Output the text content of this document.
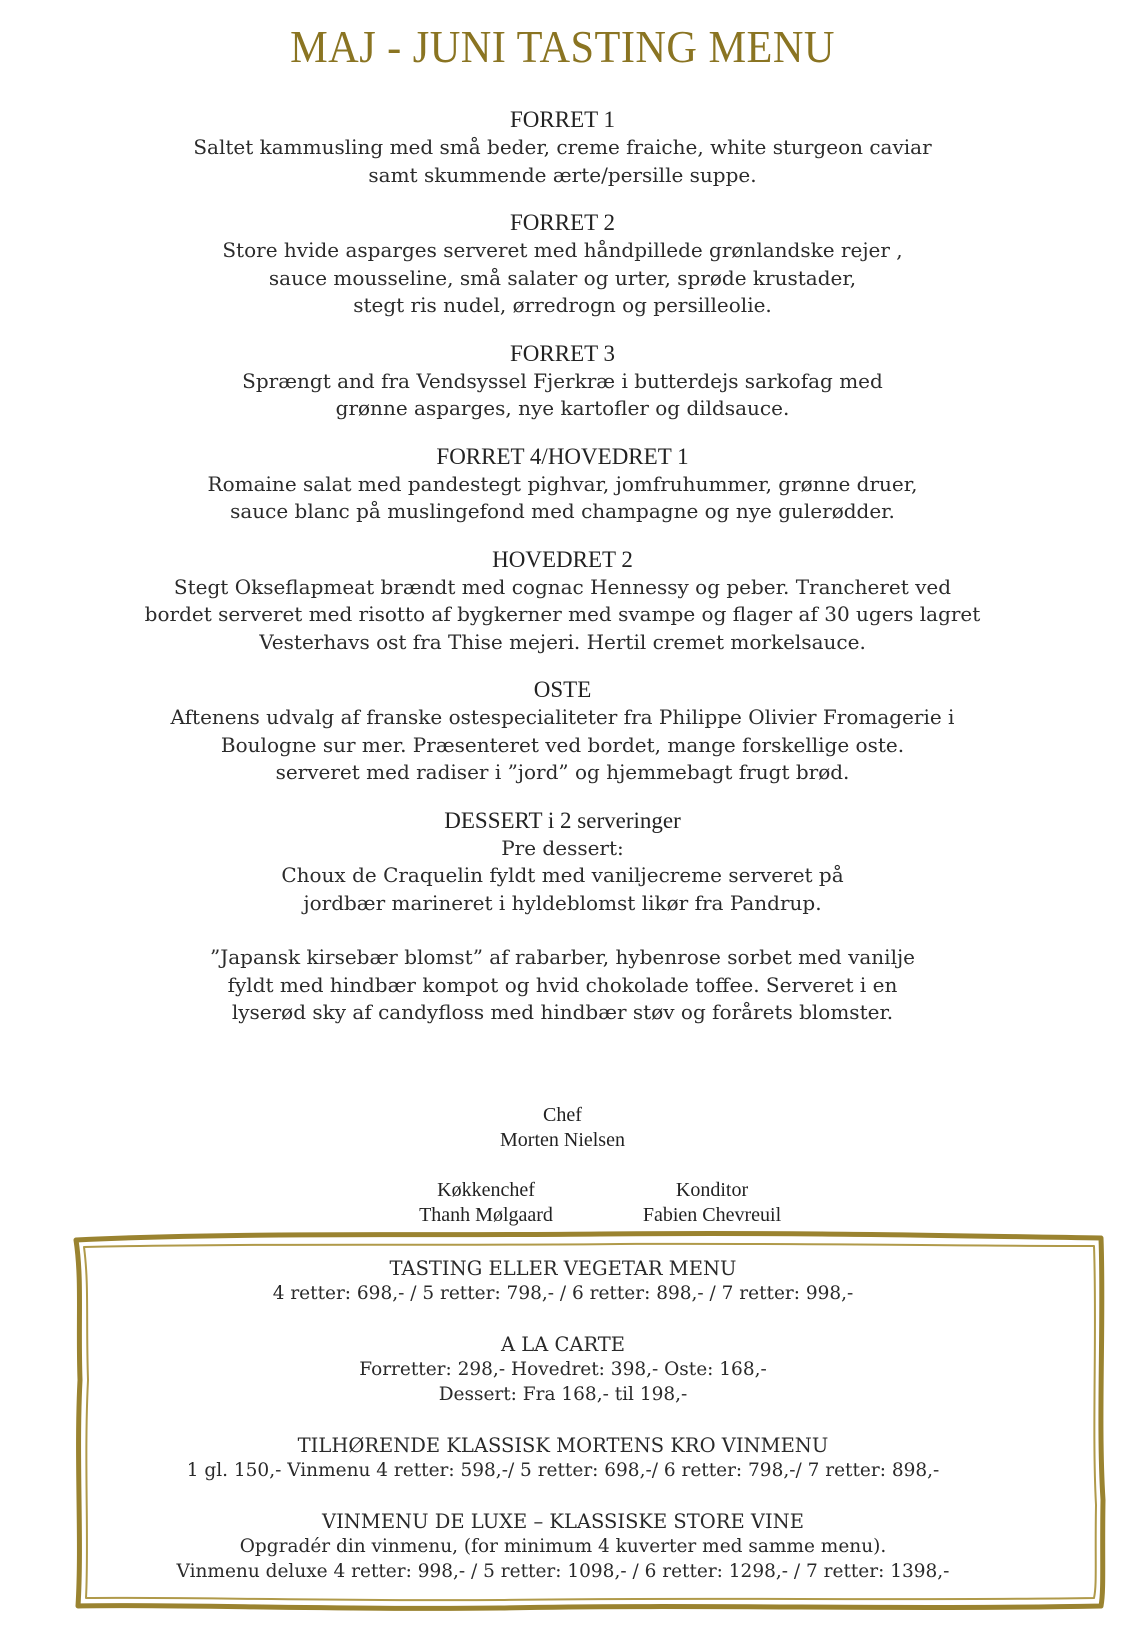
MAJ - JUNI TASTING MENU
FORRET 1
Saltet kammusling med små beder, creme fraiche, white sturgeon caviar
samt skummende ærte/persille suppe.
FORRET 2
Store hvide asparges serveret med håndpillede grønlandske rejer ,
sauce mousseline, små salater og urter, sprøde krustader,
stegt ris nudel, ørredrogn og persilleolie.
FORRET 3
Sprængt and fra Vendsyssel Fjerkræ i butterdejs sarkofag med
grønne asparges, nye kartofler og dildsauce.
FORRET 4/HOVEDRET 1
Romaine salat med pandestegt pighvar, jomfruhummer, grønne druer,
sauce blanc på muslingefond med champagne og nye gulerødder.
HOVEDRET 2
Stegt Okseflapmeat brændt med cognac Hennessy og peber. Trancheret ved
bordet serveret med risotto af bygkerner med svampe og flager af 30 ugers lagret
Vesterhavs ost fra Thise mejeri. Hertil cremet morkelsauce.
OSTE
Aftenens udvalg af franske ostespecialiteter fra Philippe Olivier Fromagerie i
Boulogne sur mer. Præsenteret ved bordet, mange forskellige oste.
serveret med radiser i ”jord” og hjemmebagt frugt brød.
DESSERT i 2 serveringer
Pre dessert:
Choux de Craquelin fyldt med vaniljecreme serveret på
jordbær marineret i hyldeblomst likør fra Pandrup.
”Japansk kirsebær blomst” af rabarber, hybenrose sorbet med vanilje
fyldt med hindbær kompot og hvid chokolade toffee. Serveret i en
lyserød sky af candyfloss med hindbær støv og forårets blomster.
Chef
Morten Nielsen
Køkkenchef
Thanh Mølgaard
Konditor
Fabien Chevreuil
TASTING ELLER VEGETAR MENU
4 retter: 698,- / 5 retter: 798,- / 6 retter: 898,- / 7 retter: 998,-
A LA CARTE
Forretter: 298,- Hovedret: 398,- Oste: 168,-
Dessert: Fra 168,- til 198,-
TILHØRENDE KLASSISK MORTENS KRO VINMENU
1 gl. 150,- Vinmenu 4 retter: 598,-/ 5 retter: 698,-/ 6 retter: 798,-/ 7 retter: 898,-
VINMENU DE LUXE – KLASSISKE STORE VINE
Opgradér din vinmenu, (for minimum 4 kuverter med samme menu).
Vinmenu deluxe 4 retter: 998,- / 5 retter: 1098,- / 6 retter: 1298,- / 7 retter: 1398,-
